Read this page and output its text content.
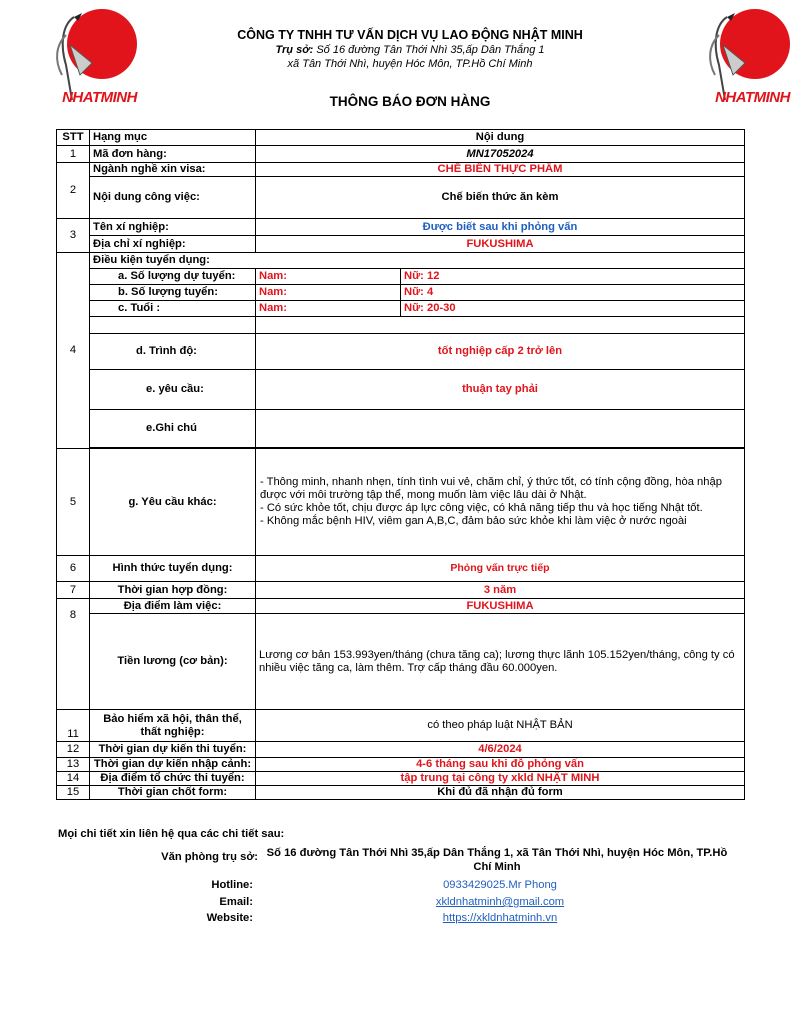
NHATMINH	NHATMINH
CÔNG TY TNHH TƯ VẤN DỊCH VỤ LAO ĐỘNG NHẬT MINH
Trụ sở: Số 16 đường Tân Thới Nhì 35,ấp Dân Thắng 1
xã Tân Thới Nhì, huyện Hóc Môn, TP.Hồ Chí Minh
THÔNG BÁO ĐƠN HÀNG
STT	Hạng mục	Nội dung	
1	Mã đơn hàng:	MN17052024	
2	Ngành nghề xin visa:	CHẾ BIẾN THỰC PHẨM	
	Nội dung công việc:	Chế biến thức ăn kèm	
3	Tên xí nghiệp:	Được biết sau khi phỏng vấn	
	Địa chỉ xí nghiệp:	FUKUSHIMA	
4	Điều kiện tuyển dụng:		
	a. Số lượng dự tuyển:	Nam:	Nữ: 12
	b. Số lượng tuyển:	Nam:	Nữ: 4
	c. Tuổi :	Nam:	Nữ: 20-30

	d. Trình độ:	tốt nghiệp cấp 2 trở lên	
	e. yêu cầu:	thuận tay phải	
	e.Ghi chú		

5	g. Yêu cầu khác:	- Thông minh, nhanh nhẹn, tính tình vui vẻ, chăm chỉ, ý thức tốt, có tính cộng đồng, hòa nhập được với môi trường tập thể, mong muốn làm việc lâu dài ở Nhật.
- Có sức khỏe tốt, chịu được áp lực công việc, có khả năng tiếp thu và học tiếng Nhật tốt.
- Không mắc bệnh HIV, viêm gan A,B,C, đảm bảo sức khỏe khi làm việc ở nước ngoài	

6	Hình thức tuyển dụng:	Phỏng vấn trực tiếp	
7	Thời gian hợp đồng:	3 năm	
8	Địa điểm làm việc:	FUKUSHIMA	
	Tiền lương (cơ bản):	Lương cơ bản 153.993yen/tháng (chưa tăng ca); lương thực lãnh 105.152yen/tháng, công ty có nhiều việc tăng ca, làm thêm. Trợ cấp tháng đầu 60.000yen.	

11	Bảo hiểm xã hội, thân thể, thất nghiệp:	có theo pháp luật NHẬT BẢN	
12	Thời gian dự kiến thi tuyển:	4/6/2024	
13	Thời gian dự kiến nhập cảnh:	4-6 tháng sau khi đỗ phỏng vấn	
14	Địa điểm tổ chức thi tuyển:	tập trung tại công ty xkld NHẬT MINH	
15	Thời gian chốt form:	Khi đủ đã nhận đủ form	
Mọi chi tiết xin liên hệ qua các chi tiết sau:
Văn phòng trụ sở: Số 16 đường Tân Thới Nhì 35,ấp Dân Thắng 1, xã Tân Thới Nhì, huyện Hóc Môn, TP.Hồ Chí Minh
Hotline:	0933429025.Mr Phong
Email:	xkldnhatminh@gmail.com
Website:	https://xkldnhatminh.vn
